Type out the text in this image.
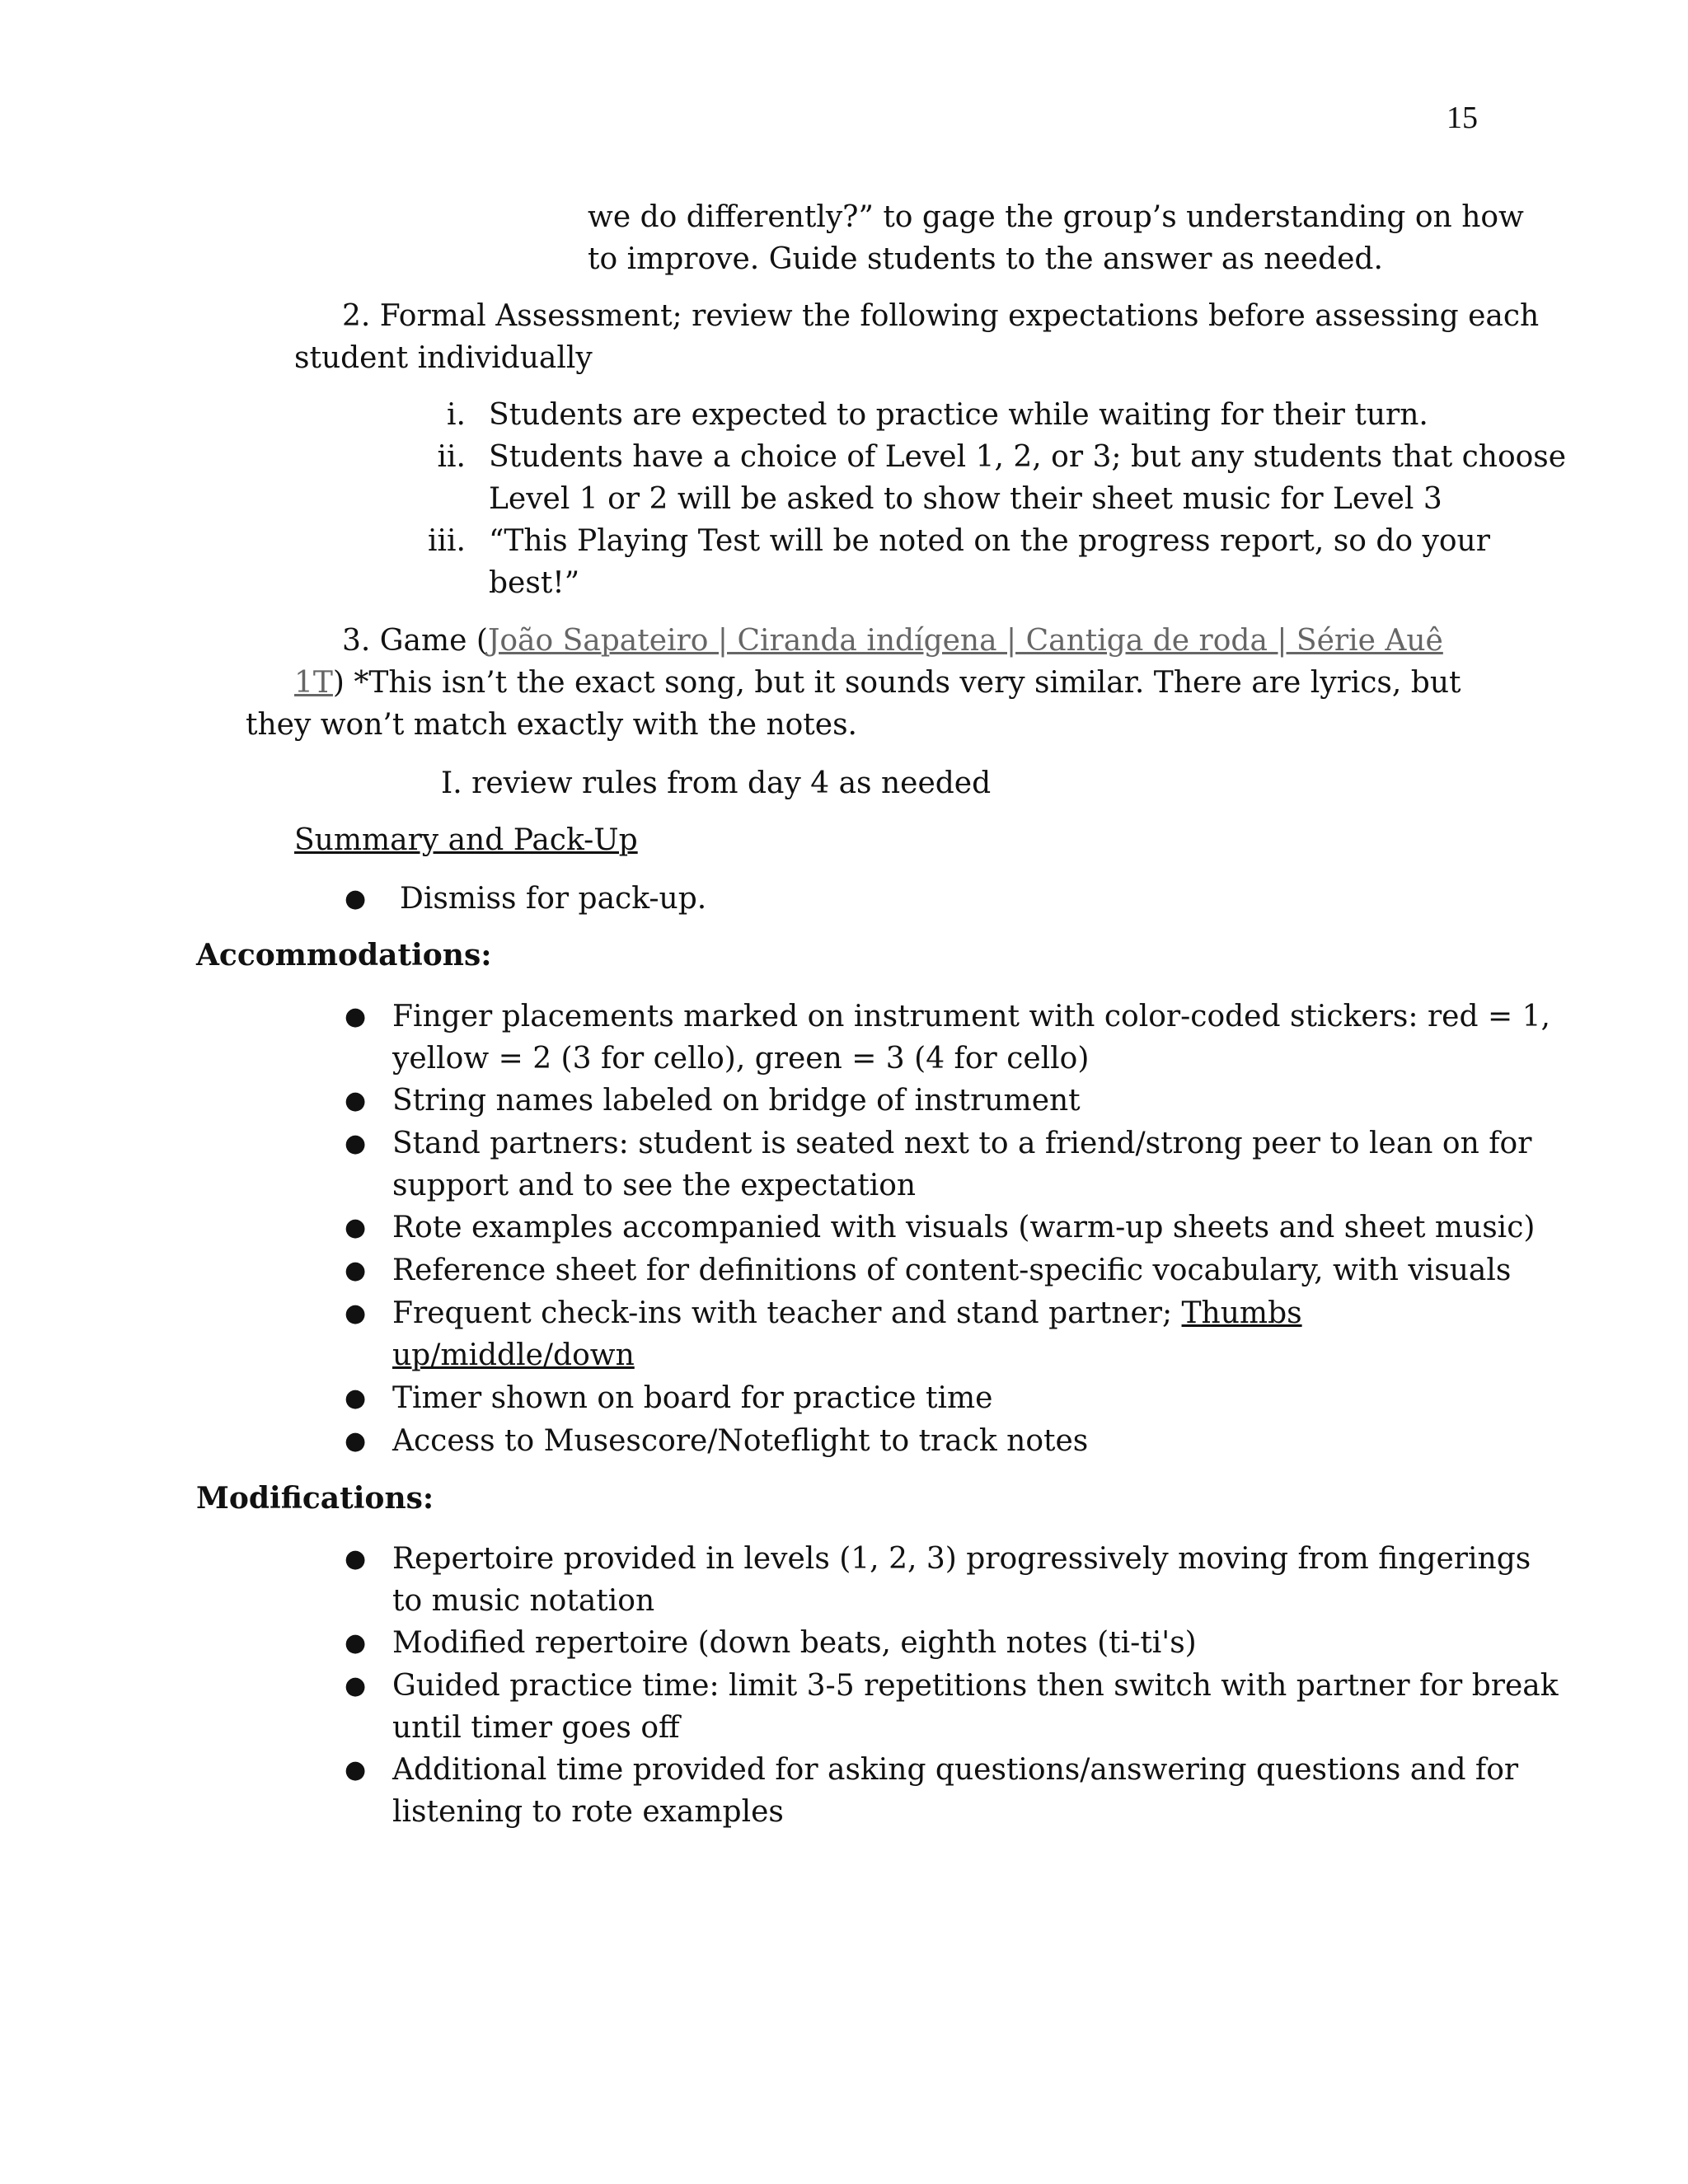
15
we do differently?” to gage the group’s understanding on how
to improve. Guide students to the answer as needed.
2. Formal Assessment; review the following expectations before assessing each
student individually
i. Students are expected to practice while waiting for their turn.
ii. Students have a choice of Level 1, 2, or 3; but any students that choose
Level 1 or 2 will be asked to show their sheet music for Level 3
iii. “This Playing Test will be noted on the progress report, so do your
best!”
3. Game (João Sapateiro | Ciranda indígena | Cantiga de roda | Série Auê
1T) *This isn’t the exact song, but it sounds very similar. There are lyrics, but
they won’t match exactly with the notes.
I. review rules from day 4 as needed
Summary and Pack-Up
● Dismiss for pack-up.
Accommodations:
● Finger placements marked on instrument with color-coded stickers: red = 1,
yellow = 2 (3 for cello), green = 3 (4 for cello)
● String names labeled on bridge of instrument
● Stand partners: student is seated next to a friend/strong peer to lean on for
support and to see the expectation
● Rote examples accompanied with visuals (warm-up sheets and sheet music)
● Reference sheet for definitions of content-specific vocabulary, with visuals
● Frequent check-ins with teacher and stand partner; Thumbs
up/middle/down
● Timer shown on board for practice time
● Access to Musescore/Noteflight to track notes
Modifications:
● Repertoire provided in levels (1, 2, 3) progressively moving from fingerings
to music notation
● Modified repertoire (down beats, eighth notes (ti-ti's)
● Guided practice time: limit 3-5 repetitions then switch with partner for break
until timer goes off
● Additional time provided for asking questions/answering questions and for
listening to rote examples
